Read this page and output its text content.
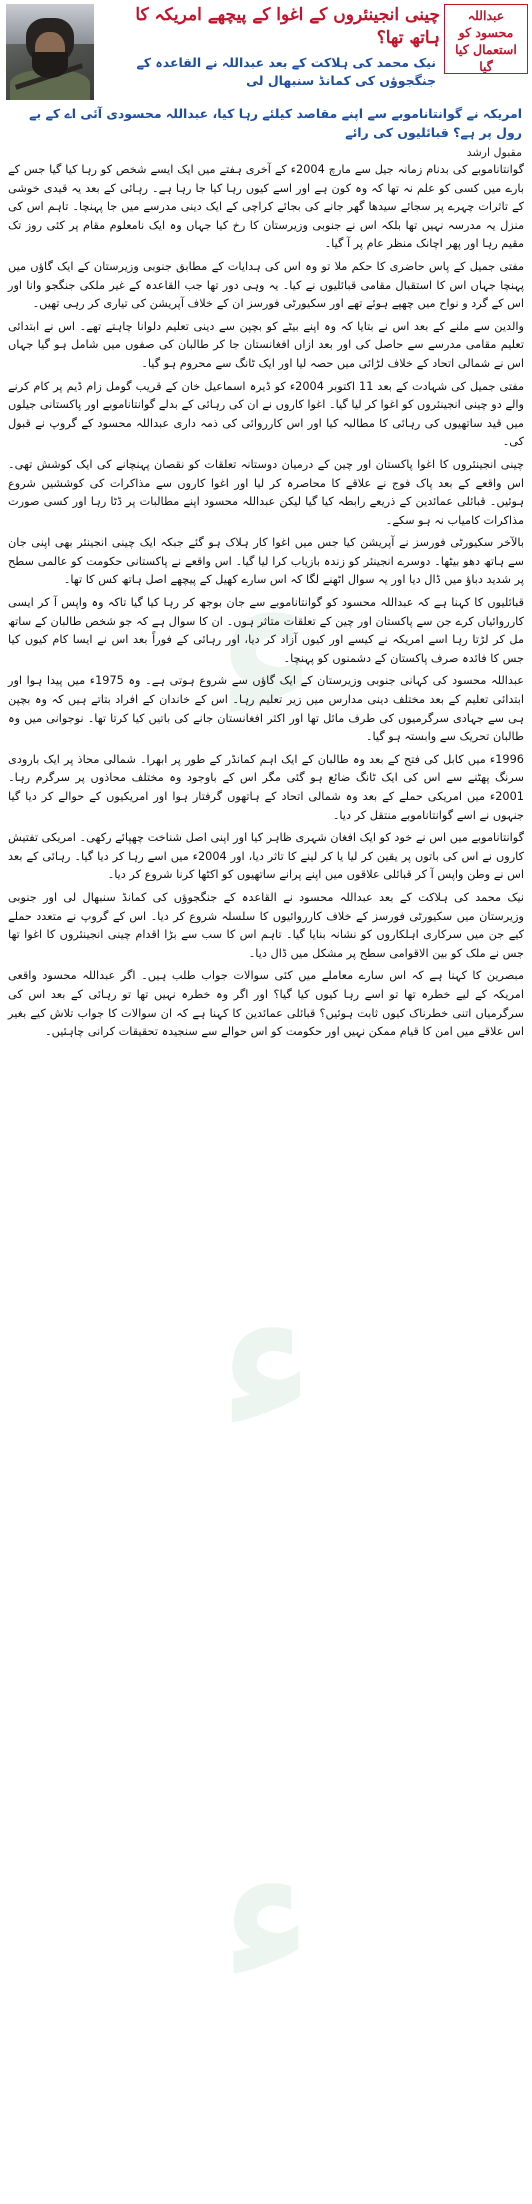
ء
ء
ء
چینی انجینئروں کے اغوا کے پیچھے امریکہ کا ہاتھ تھا؟
عبداللہ محسود کو استعمال کیا گیا
نیک محمد کی ہلاکت کے بعد عبداللہ نے القاعدہ کے جنگجوؤں کی کمانڈ سنبھال لی
امریکہ نے گوانتاناموبے سے اپنے مقاصد کیلئے رہا کیا، عبداللہ محسودی آئی اے کے بے رول پر ہے؟ قبائلیوں کی رائے
مقبول ارشد

گوانتاناموبے کی بدنام زمانہ جیل سے مارچ 2004ء کے آخری ہفتے میں ایک ایسے شخص کو رہا کیا گیا جس کے بارے میں کسی کو علم نہ تھا کہ وہ کون ہے اور اسے کیوں رہا کیا جا رہا ہے۔ رہائی کے بعد یہ قیدی خوشی کے تاثرات چہرے پر سجائے سیدھا گھر جانے کی بجائے کراچی کے ایک دینی مدرسے میں جا پہنچا۔ تاہم اس کی منزل یہ مدرسہ نہیں تھا بلکہ اس نے جنوبی وزیرستان کا رخ کیا جہاں وہ ایک نامعلوم مقام پر کئی روز تک مقیم رہا اور پھر اچانک منظر عام پر آ گیا۔

مفتی جمیل کے پاس حاضری کا حکم ملا تو وہ اس کی ہدایات کے مطابق جنوبی وزیرستان کے ایک گاؤں میں پہنچا جہاں اس کا استقبال مقامی قبائلیوں نے کیا۔ یہ وہی دور تھا جب القاعدہ کے غیر ملکی جنگجو وانا اور اس کے گرد و نواح میں چھپے ہوئے تھے اور سکیورٹی فورسز ان کے خلاف آپریشن کی تیاری کر رہی تھیں۔

والدین سے ملنے کے بعد اس نے بتایا کہ وہ اپنے بیٹے کو بچپن سے دینی تعلیم دلوانا چاہتے تھے۔ اس نے ابتدائی تعلیم مقامی مدرسے سے حاصل کی اور بعد ازاں افغانستان جا کر طالبان کی صفوں میں شامل ہو گیا جہاں اس نے شمالی اتحاد کے خلاف لڑائی میں حصہ لیا اور ایک ٹانگ سے محروم ہو گیا۔

مفتی جمیل کی شہادت کے بعد 11 اکتوبر 2004ء کو ڈیرہ اسماعیل خان کے قریب گومل زام ڈیم پر کام کرنے والے دو چینی انجینئروں کو اغوا کر لیا گیا۔ اغوا کاروں نے ان کی رہائی کے بدلے گوانتاناموبے اور پاکستانی جیلوں میں قید ساتھیوں کی رہائی کا مطالبہ کیا اور اس کارروائی کی ذمہ داری عبداللہ محسود کے گروپ نے قبول کی۔

چینی انجینئروں کا اغوا پاکستان اور چین کے درمیان دوستانہ تعلقات کو نقصان پہنچانے کی ایک کوشش تھی۔ اس واقعے کے بعد پاک فوج نے علاقے کا محاصرہ کر لیا اور اغوا کاروں سے مذاکرات کی کوششیں شروع ہوئیں۔ قبائلی عمائدین کے ذریعے رابطہ کیا گیا لیکن عبداللہ محسود اپنے مطالبات پر ڈٹا رہا اور کسی صورت مذاکرات کامیاب نہ ہو سکے۔

بالآخر سکیورٹی فورسز نے آپریشن کیا جس میں اغوا کار ہلاک ہو گئے جبکہ ایک چینی انجینئر بھی اپنی جان سے ہاتھ دھو بیٹھا۔ دوسرے انجینئر کو زندہ بازیاب کرا لیا گیا۔ اس واقعے نے پاکستانی حکومت کو عالمی سطح پر شدید دباؤ میں ڈال دیا اور یہ سوال اٹھنے لگا کہ اس سارے کھیل کے پیچھے اصل ہاتھ کس کا تھا۔

قبائلیوں کا کہنا ہے کہ عبداللہ محسود کو گوانتاناموبے سے جان بوجھ کر رہا کیا گیا تاکہ وہ واپس آ کر ایسی کارروائیاں کرے جن سے پاکستان اور چین کے تعلقات متاثر ہوں۔ ان کا سوال ہے کہ جو شخص طالبان کے ساتھ مل کر لڑتا رہا اسے امریکہ نے کیسے اور کیوں آزاد کر دیا، اور رہائی کے فوراً بعد اس نے ایسا کام کیوں کیا جس کا فائدہ صرف پاکستان کے دشمنوں کو پہنچا۔

عبداللہ محسود کی کہانی جنوبی وزیرستان کے ایک گاؤں سے شروع ہوتی ہے۔ وہ 1975ء میں پیدا ہوا اور ابتدائی تعلیم کے بعد مختلف دینی مدارس میں زیر تعلیم رہا۔ اس کے خاندان کے افراد بتاتے ہیں کہ وہ بچپن ہی سے جہادی سرگرمیوں کی طرف مائل تھا اور اکثر افغانستان جانے کی باتیں کیا کرتا تھا۔ نوجوانی میں وہ طالبان تحریک سے وابستہ ہو گیا۔

1996ء میں کابل کی فتح کے بعد وہ طالبان کے ایک اہم کمانڈر کے طور پر ابھرا۔ شمالی محاذ پر ایک بارودی سرنگ پھٹنے سے اس کی ایک ٹانگ ضائع ہو گئی مگر اس کے باوجود وہ مختلف محاذوں پر سرگرم رہا۔ 2001ء میں امریکی حملے کے بعد وہ شمالی اتحاد کے ہاتھوں گرفتار ہوا اور امریکیوں کے حوالے کر دیا گیا جنہوں نے اسے گوانتاناموبے منتقل کر دیا۔

گوانتاناموبے میں اس نے خود کو ایک افغان شہری ظاہر کیا اور اپنی اصل شناخت چھپائے رکھی۔ امریکی تفتیش کاروں نے اس کی باتوں پر یقین کر لیا یا کر لینے کا تاثر دیا، اور 2004ء میں اسے رہا کر دیا گیا۔ رہائی کے بعد اس نے وطن واپس آ کر قبائلی علاقوں میں اپنے پرانے ساتھیوں کو اکٹھا کرنا شروع کر دیا۔

نیک محمد کی ہلاکت کے بعد عبداللہ محسود نے القاعدہ کے جنگجوؤں کی کمانڈ سنبھال لی اور جنوبی وزیرستان میں سکیورٹی فورسز کے خلاف کارروائیوں کا سلسلہ شروع کر دیا۔ اس کے گروپ نے متعدد حملے کیے جن میں سرکاری اہلکاروں کو نشانہ بنایا گیا۔ تاہم اس کا سب سے بڑا اقدام چینی انجینئروں کا اغوا تھا جس نے ملک کو بین الاقوامی سطح پر مشکل میں ڈال دیا۔

مبصرین کا کہنا ہے کہ اس سارے معاملے میں کئی سوالات جواب طلب ہیں۔ اگر عبداللہ محسود واقعی امریکہ کے لیے خطرہ تھا تو اسے رہا کیوں کیا گیا؟ اور اگر وہ خطرہ نہیں تھا تو رہائی کے بعد اس کی سرگرمیاں اتنی خطرناک کیوں ثابت ہوئیں؟ قبائلی عمائدین کا کہنا ہے کہ ان سوالات کا جواب تلاش کیے بغیر اس علاقے میں امن کا قیام ممکن نہیں اور حکومت کو اس حوالے سے سنجیدہ تحقیقات کرانی چاہئیں۔
